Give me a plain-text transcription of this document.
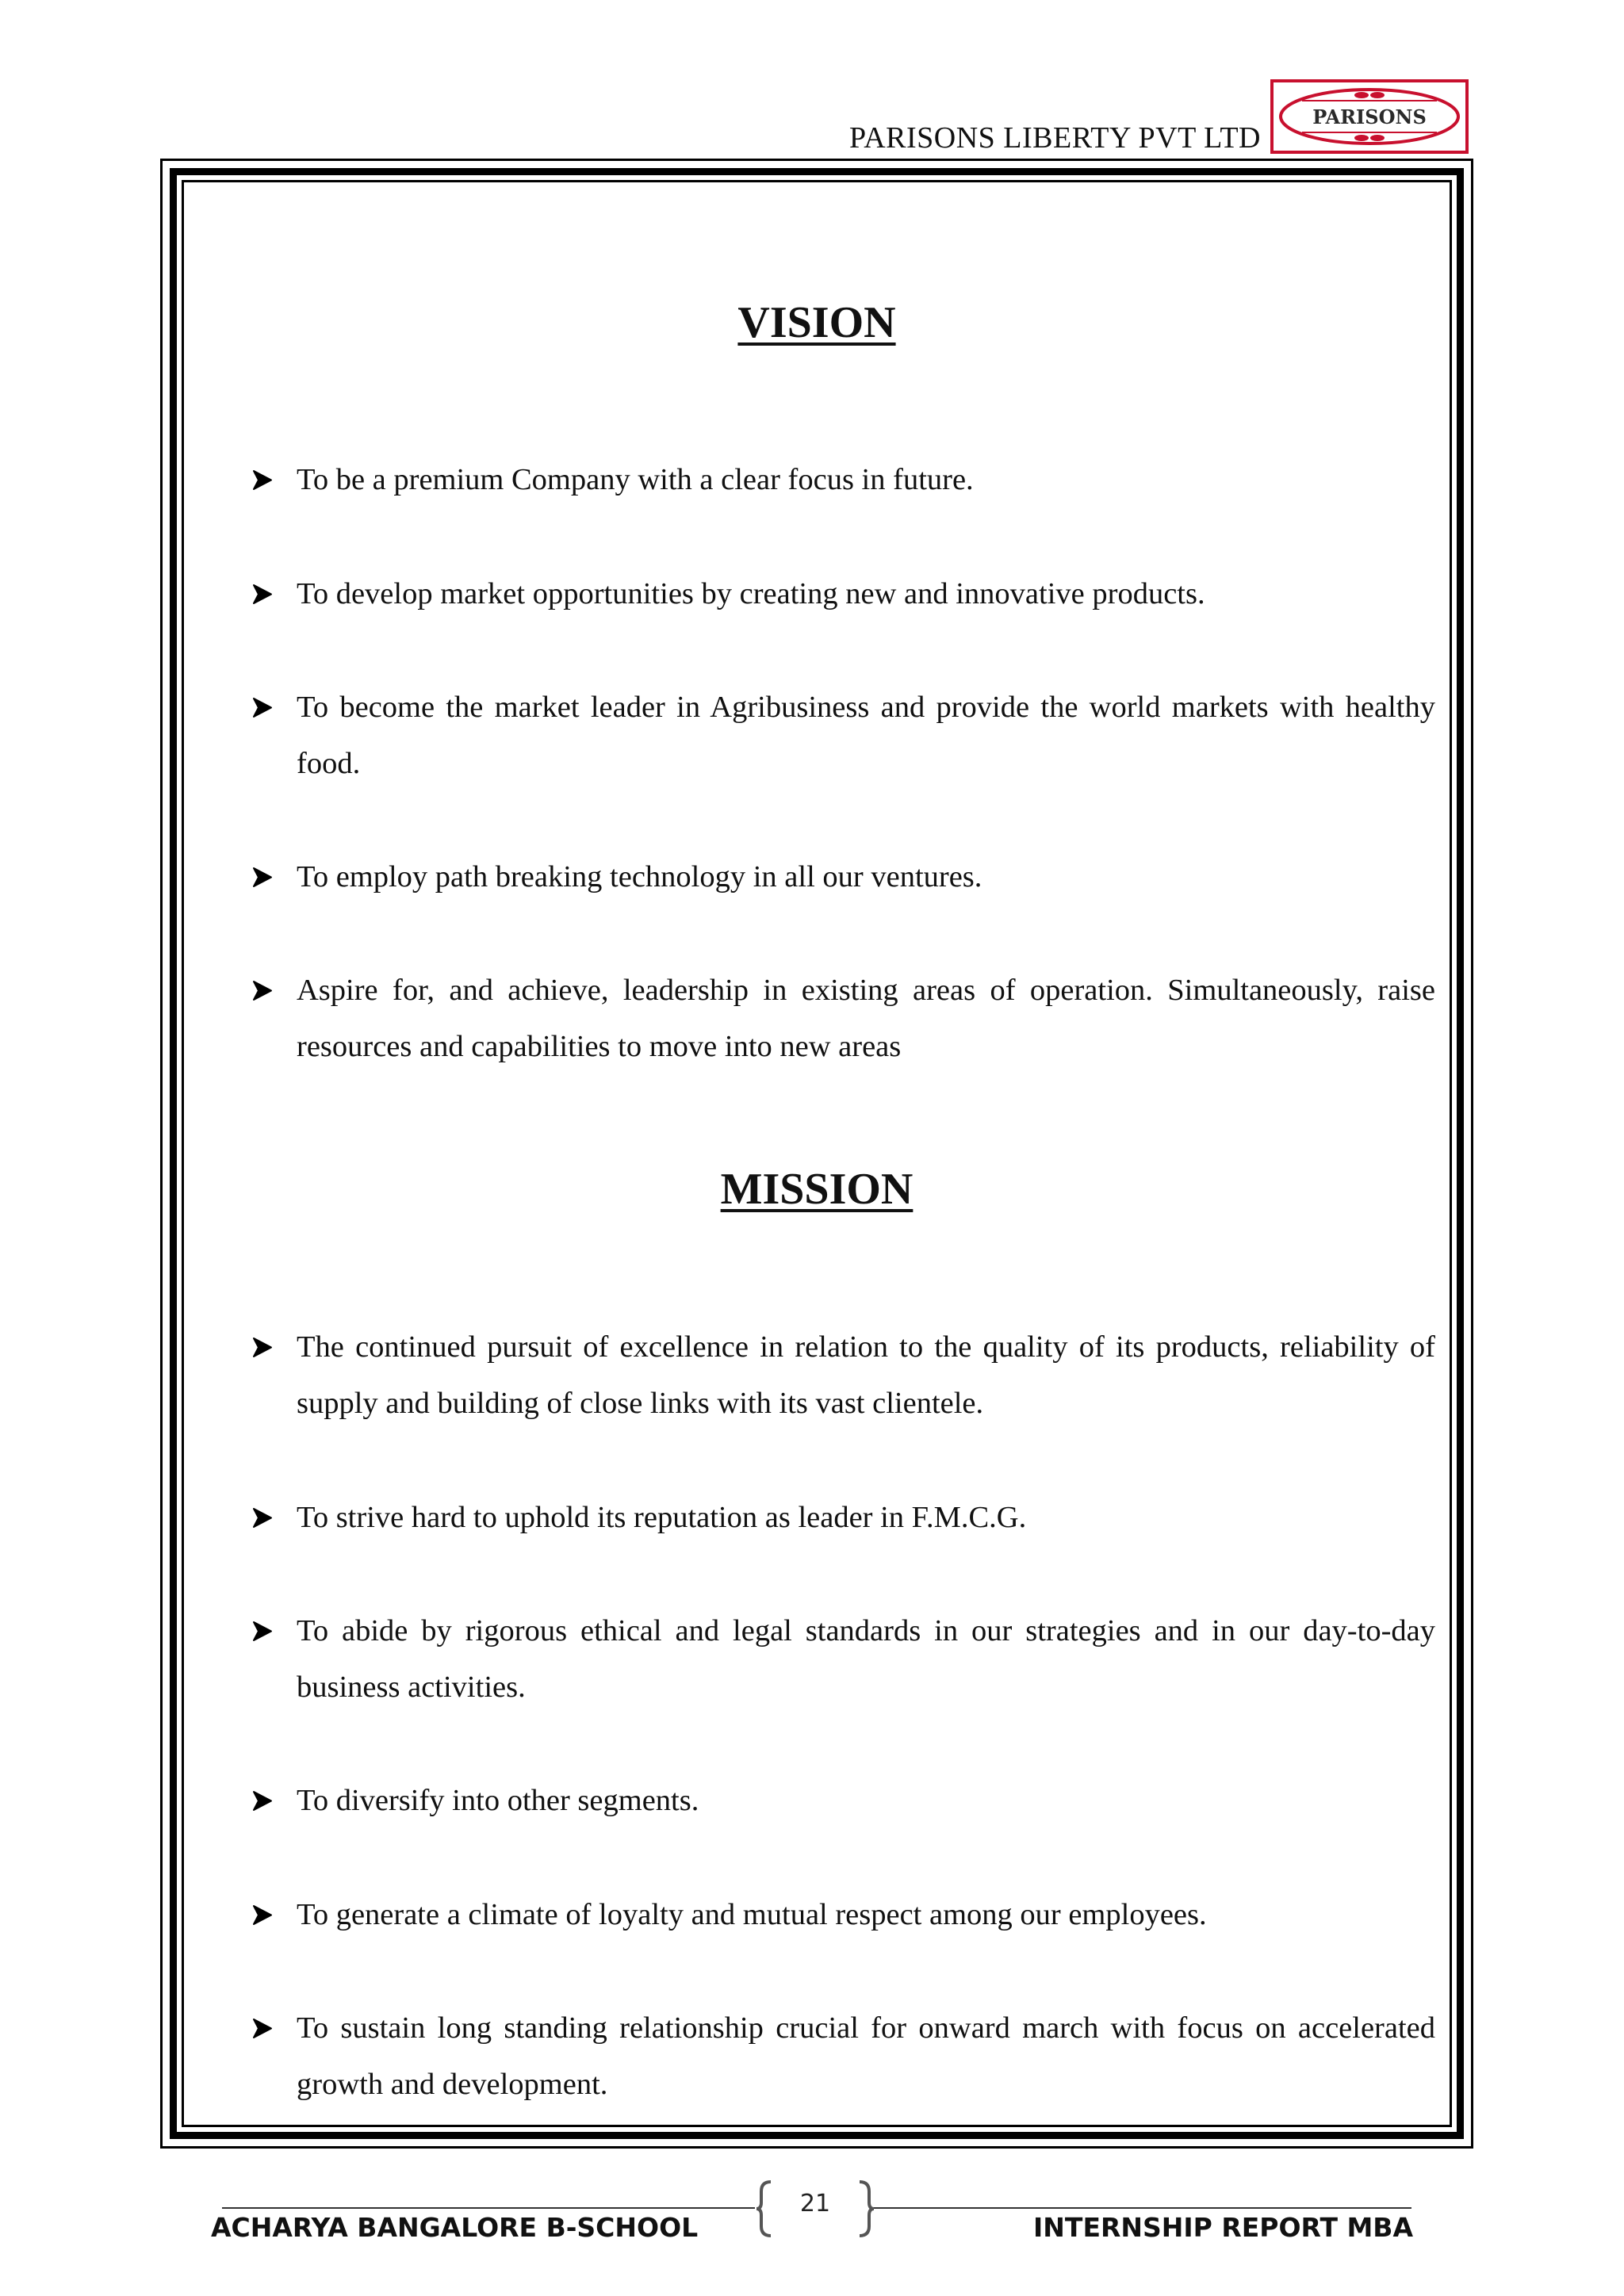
PARISONS LIBERTY PVT LTD
PARISONS
VISION
To be a premium Company with a clear focus in future.
To develop market opportunities by creating new and innovative products.
To become the market leader in Agribusiness and provide the world markets with healthy food.
To employ path breaking technology in all our ventures.
Aspire for, and achieve, leadership in existing areas of operation. Simultaneously, raise resources and capabilities to move into new areas
MISSION
The continued pursuit of excellence in relation to the quality of its products, reliability of supply and building of close links with its vast clientele.
To strive hard to uphold its reputation as leader in F.M.C.G.
To abide by rigorous ethical and legal standards in our strategies and in our day-to-day business activities.
To diversify into other segments.
To generate a climate of loyalty and mutual respect among our employees.
To sustain long standing relationship crucial for onward march with focus on accelerated growth and development.
21
ACHARYA BANGALORE B-SCHOOL	INTERNSHIP REPORT MBA
